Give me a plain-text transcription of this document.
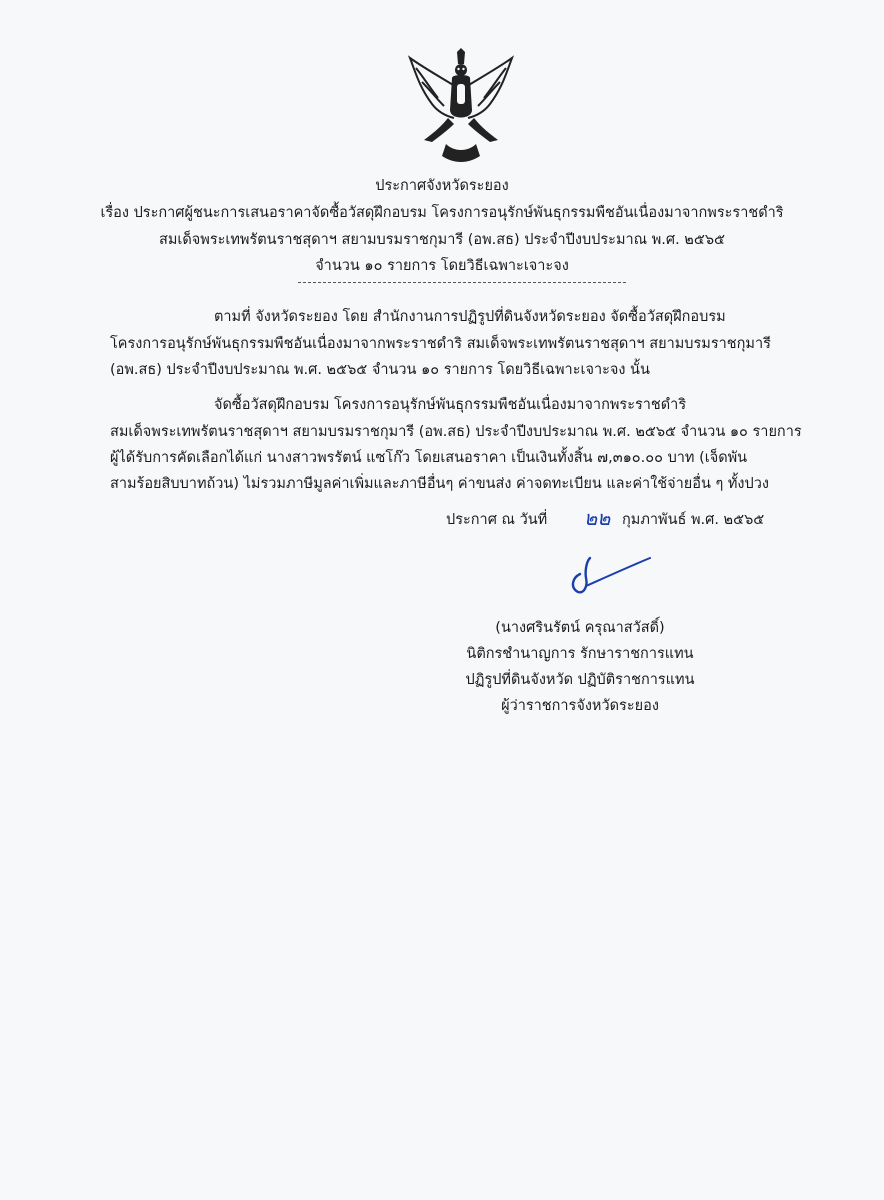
ประกาศจังหวัดระยอง
เรื่อง ประกาศผู้ชนะการเสนอราคาจัดซื้อวัสดุฝึกอบรม โครงการอนุรักษ์พันธุกรรมพืชอันเนื่องมาจากพระราชดำริ
สมเด็จพระเทพรัตนราชสุดาฯ สยามบรมราชกุมารี (อพ.สธ) ประจำปีงบประมาณ พ.ศ. ๒๕๖๕
จำนวน ๑๐ รายการ โดยวิธีเฉพาะเจาะจง
ตามที่ จังหวัดระยอง โดย สำนักงานการปฏิรูปที่ดินจังหวัดระยอง จัดซื้อวัสดุฝึกอบรม
โครงการอนุรักษ์พันธุกรรมพืชอันเนื่องมาจากพระราชดำริ สมเด็จพระเทพรัตนราชสุดาฯ สยามบรมราชกุมารี
(อพ.สธ) ประจำปีงบประมาณ พ.ศ. ๒๕๖๕ จำนวน ๑๐ รายการ โดยวิธีเฉพาะเจาะจง นั้น
จัดซื้อวัสดุฝึกอบรม โครงการอนุรักษ์พันธุกรรมพืชอันเนื่องมาจากพระราชดำริ
สมเด็จพระเทพรัตนราชสุดาฯ สยามบรมราชกุมารี (อพ.สธ) ประจำปีงบประมาณ พ.ศ. ๒๕๖๕ จำนวน ๑๐ รายการ
ผู้ได้รับการคัดเลือกได้แก่ นางสาวพรรัตน์ แซโก๊ว โดยเสนอราคา เป็นเงินทั้งสิ้น ๗,๓๑๐.๐๐ บาท (เจ็ดพัน
สามร้อยสิบบาทถ้วน) ไม่รวมภาษีมูลค่าเพิ่มและภาษีอื่นๆ ค่าขนส่ง ค่าจดทะเบียน และค่าใช้จ่ายอื่น ๆ ทั้งปวง
ประกาศ ณ วันที่ ๒๒ กุมภาพันธ์ พ.ศ. ๒๕๖๕
(นางศรินรัตน์ ครุณาสวัสดิ์)
นิติกรชำนาญการ รักษาราชการแทน
ปฏิรูปที่ดินจังหวัด ปฏิบัติราชการแทน
ผู้ว่าราชการจังหวัดระยอง
